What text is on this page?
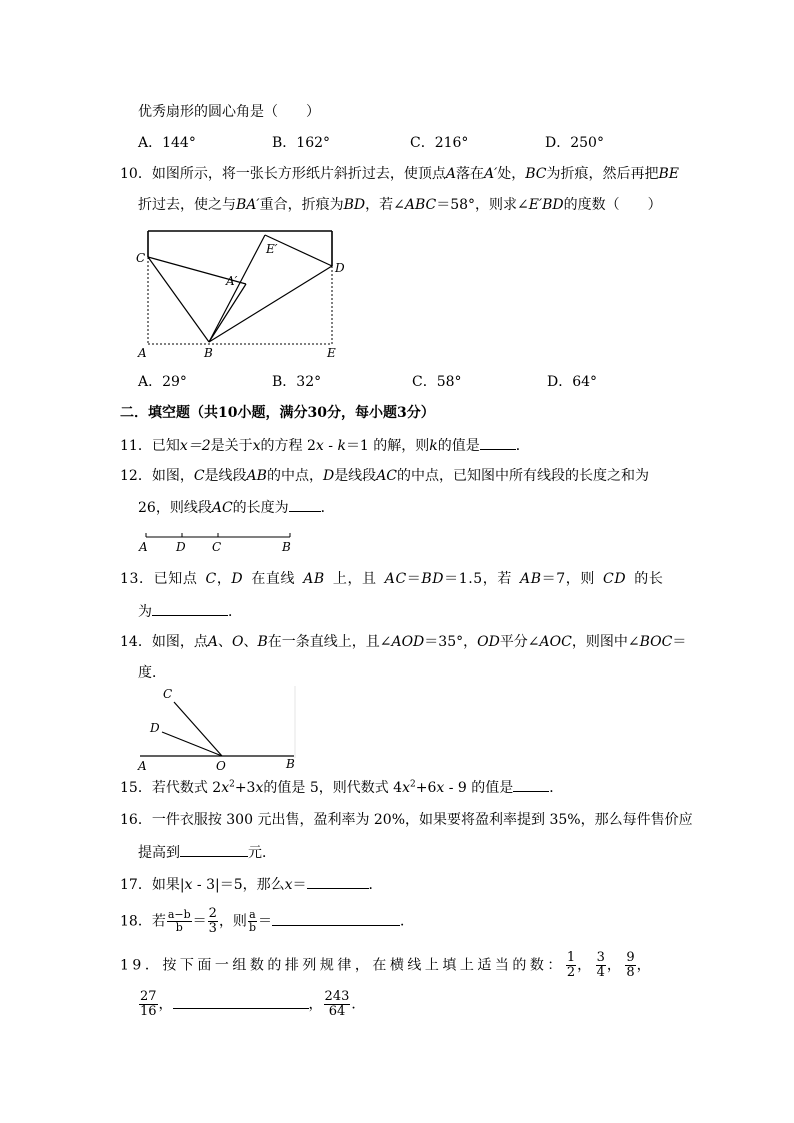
优秀扇形的圆心角是（　　）
A．144°	B．162°	C．216°	D．250°
10．如图所示，将一张长方形纸片斜折过去，使顶点A落在A′处，BC为折痕，然后再把BE
折过去，使之与BA′重合，折痕为BD，若∠ABC＝58°，则求∠E′BD的度数（　　）
C
D
A′
E′
A	B	E
A．29°	B．32°	C．58°	D．64°
二．填空题（共10小题，满分30分，每小题3分）
11．已知x＝2是关于x的方程 2x - k＝1 的解，则k的值是	．
12．如图，C是线段AB的中点，D是线段AC的中点，已知图中所有线段的长度之和为
26，则线段AC的长度为 ．
A D C	B
13．已知点 C，D 在直线 AB 上，且 AC＝BD＝1.5，若 AB＝7，则 CD 的长
为	．
14．如图，点A、O、B在一条直线上，且∠AOD＝35°，OD平分∠AOC，则图中∠BOC＝
度．
C
D
A	O	B
15．若代数式 $2x^2+3x$的值是 5，则代数式 $4x^2+6x - 9$ 的值是	．
16．一件衣服按 300 元出售，盈利率为 20%，如果要将盈利率提到 35%，那么每件售价应
提高到	元．
17．如果|x - 3|＝5，那么x＝	．
18．若 $\frac{a-b}{b} = \frac{2}{3}$ ，则 $\frac{a}{b}$ ＝	．
19．按下面一组数的排列规律，在横线上填上适当的数： $\frac{1}{2}$ ， $\frac{3}{4}$ ， $\frac{9}{8}$ ，
$\frac{27}{16}$ ，	， $\frac{243}{64}$ ．
